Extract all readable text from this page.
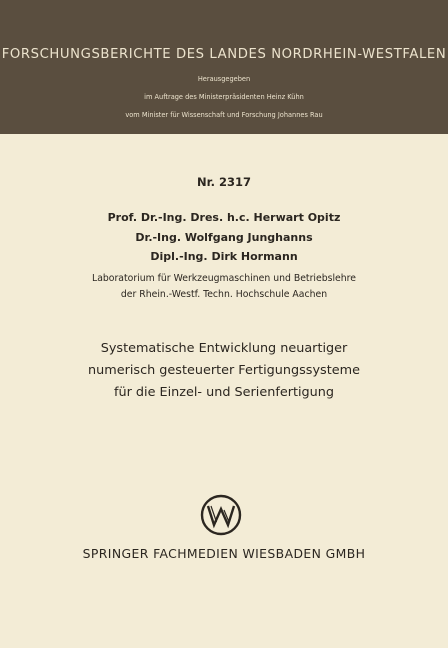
FORSCHUNGSBERICHTE DES LANDES NORDRHEIN-WESTFALEN
Herausgegeben
im Auftrage des Ministerpräsidenten Heinz Kühn
vom Minister für Wissenschaft und Forschung Johannes Rau
Nr. 2317
Prof. Dr.-Ing. Dres. h.c. Herwart Opitz
Dr.-Ing. Wolfgang Junghanns
Dipl.-Ing. Dirk Hormann
Laboratorium für Werkzeugmaschinen und Betriebslehre
der Rhein.-Westf. Techn. Hochschule Aachen
Systematische Entwicklung neuartiger
numerisch gesteuerter Fertigungssysteme
für die Einzel- und Serienfertigung
SPRINGER FACHMEDIEN WIESBADEN GMBH
